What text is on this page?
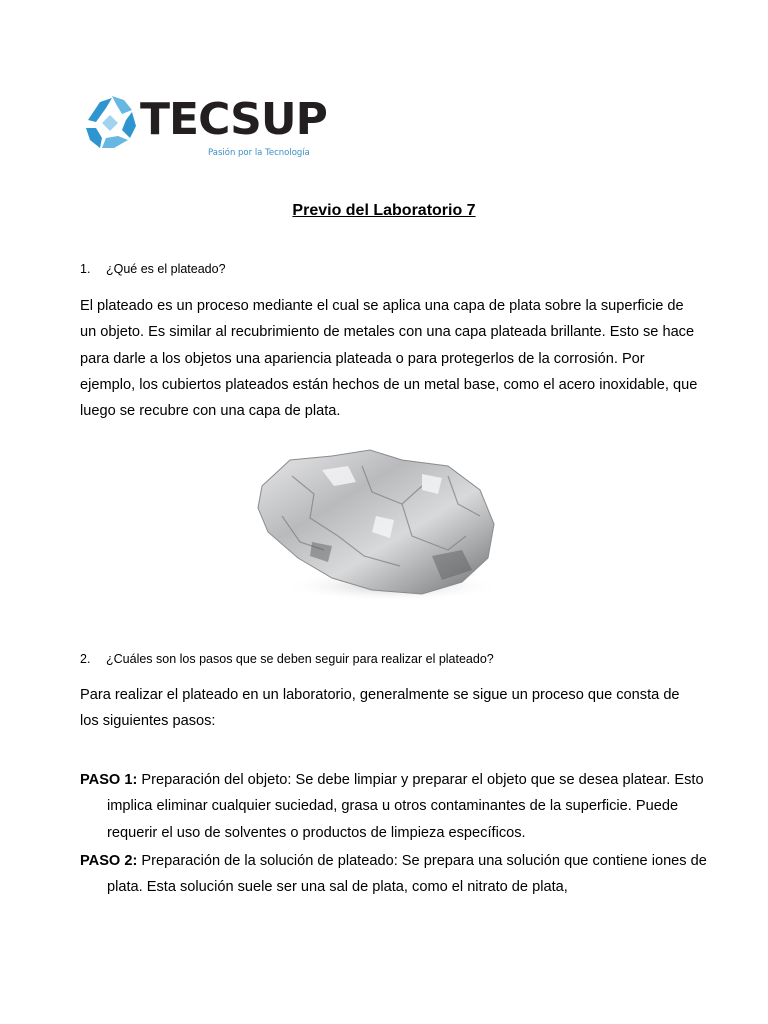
TECSUP
Pasión por la Tecnología
Previo del Laboratorio 7
1. ¿Qué es el plateado?

El plateado es un proceso mediante el cual se aplica una capa de plata sobre la superficie de un objeto. Es similar al recubrimiento de metales con una capa plateada brillante. Esto se hace para darle a los objetos una apariencia plateada o para protegerlos de la corrosión. Por ejemplo, los cubiertos plateados están hechos de un metal base, como el acero inoxidable, que luego se recubre con una capa de plata.

2. ¿Cuáles son los pasos que se deben seguir para realizar el plateado?

Para realizar el plateado en un laboratorio, generalmente se sigue un proceso que consta de los siguientes pasos:

PASO 1: Preparación del objeto: Se debe limpiar y preparar el objeto que se desea platear. Esto implica eliminar cualquier suciedad, grasa u otros contaminantes de la superficie. Puede requerir el uso de solventes o productos de limpieza específicos.

PASO 2: Preparación de la solución de plateado: Se prepara una solución que contiene iones de plata. Esta solución suele ser una sal de plata, como el nitrato de plata,
